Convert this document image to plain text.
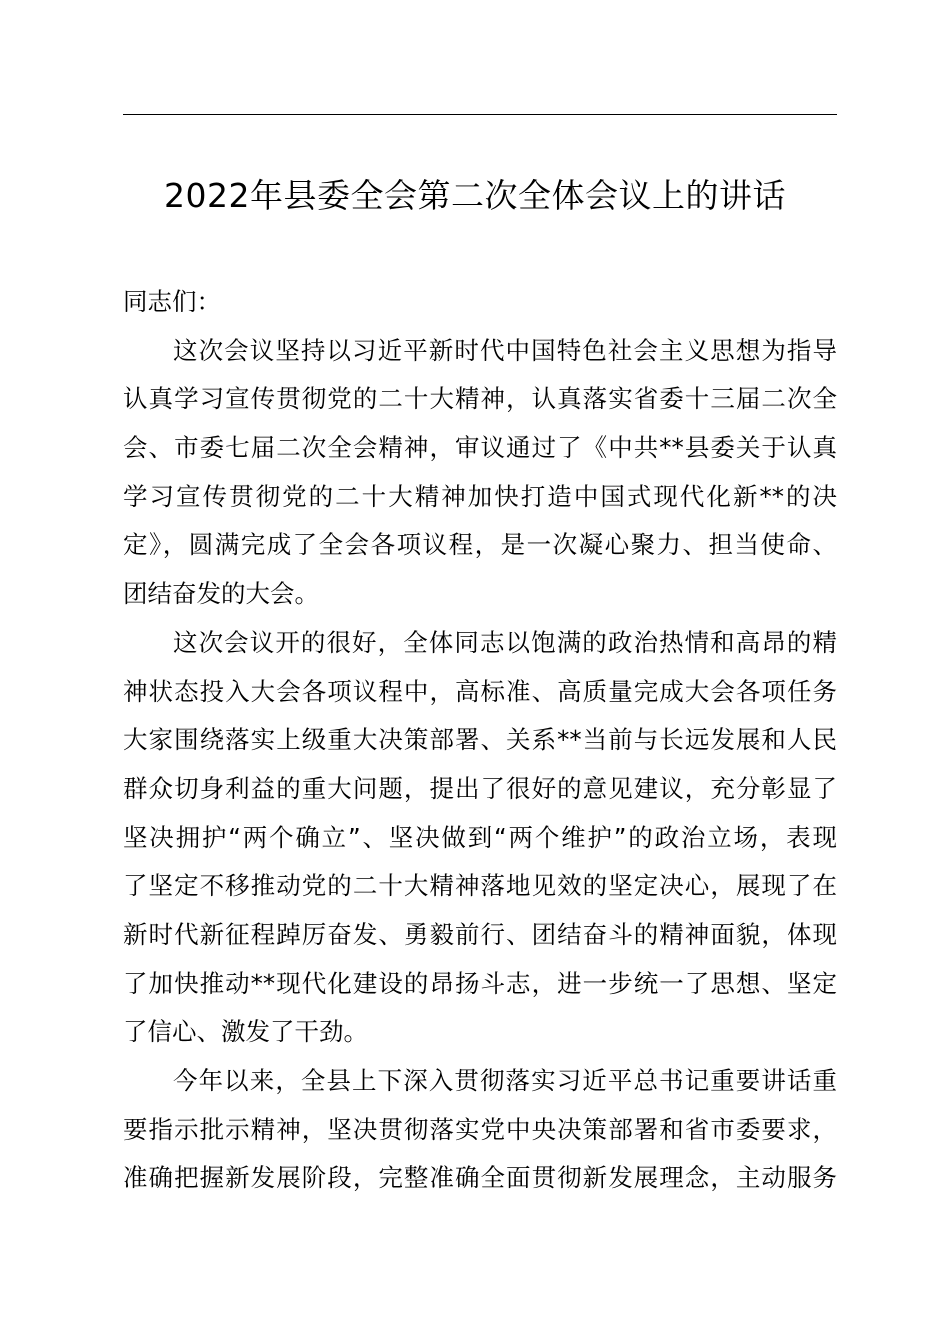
2022年县委全会第二次全体会议上的讲话
同志们：
这次会议坚持以习近平新时代中国特色社会主义思想为指导
认真学习宣传贯彻党的二十大精神，认真落实省委十三届二次全
会、市委七届二次全会精神，审议通过了《中共**县委关于认真
学习宣传贯彻党的二十大精神加快打造中国式现代化新**的决
定》，圆满完成了全会各项议程，是一次凝心聚力、担当使命、
团结奋发的大会。
这次会议开的很好，全体同志以饱满的政治热情和高昂的精
神状态投入大会各项议程中，高标准、高质量完成大会各项任务
大家围绕落实上级重大决策部署、关系**当前与长远发展和人民
群众切身利益的重大问题，提出了很好的意见建议，充分彰显了
坚决拥护“两个确立”、坚决做到“两个维护”的政治立场，表现
了坚定不移推动党的二十大精神落地见效的坚定决心，展现了在
新时代新征程踔厉奋发、勇毅前行、团结奋斗的精神面貌，体现
了加快推动**现代化建设的昂扬斗志，进一步统一了思想、坚定
了信心、激发了干劲。
今年以来，全县上下深入贯彻落实习近平总书记重要讲话重
要指示批示精神，坚决贯彻落实党中央决策部署和省市委要求，
准确把握新发展阶段，完整准确全面贯彻新发展理念，主动服务
